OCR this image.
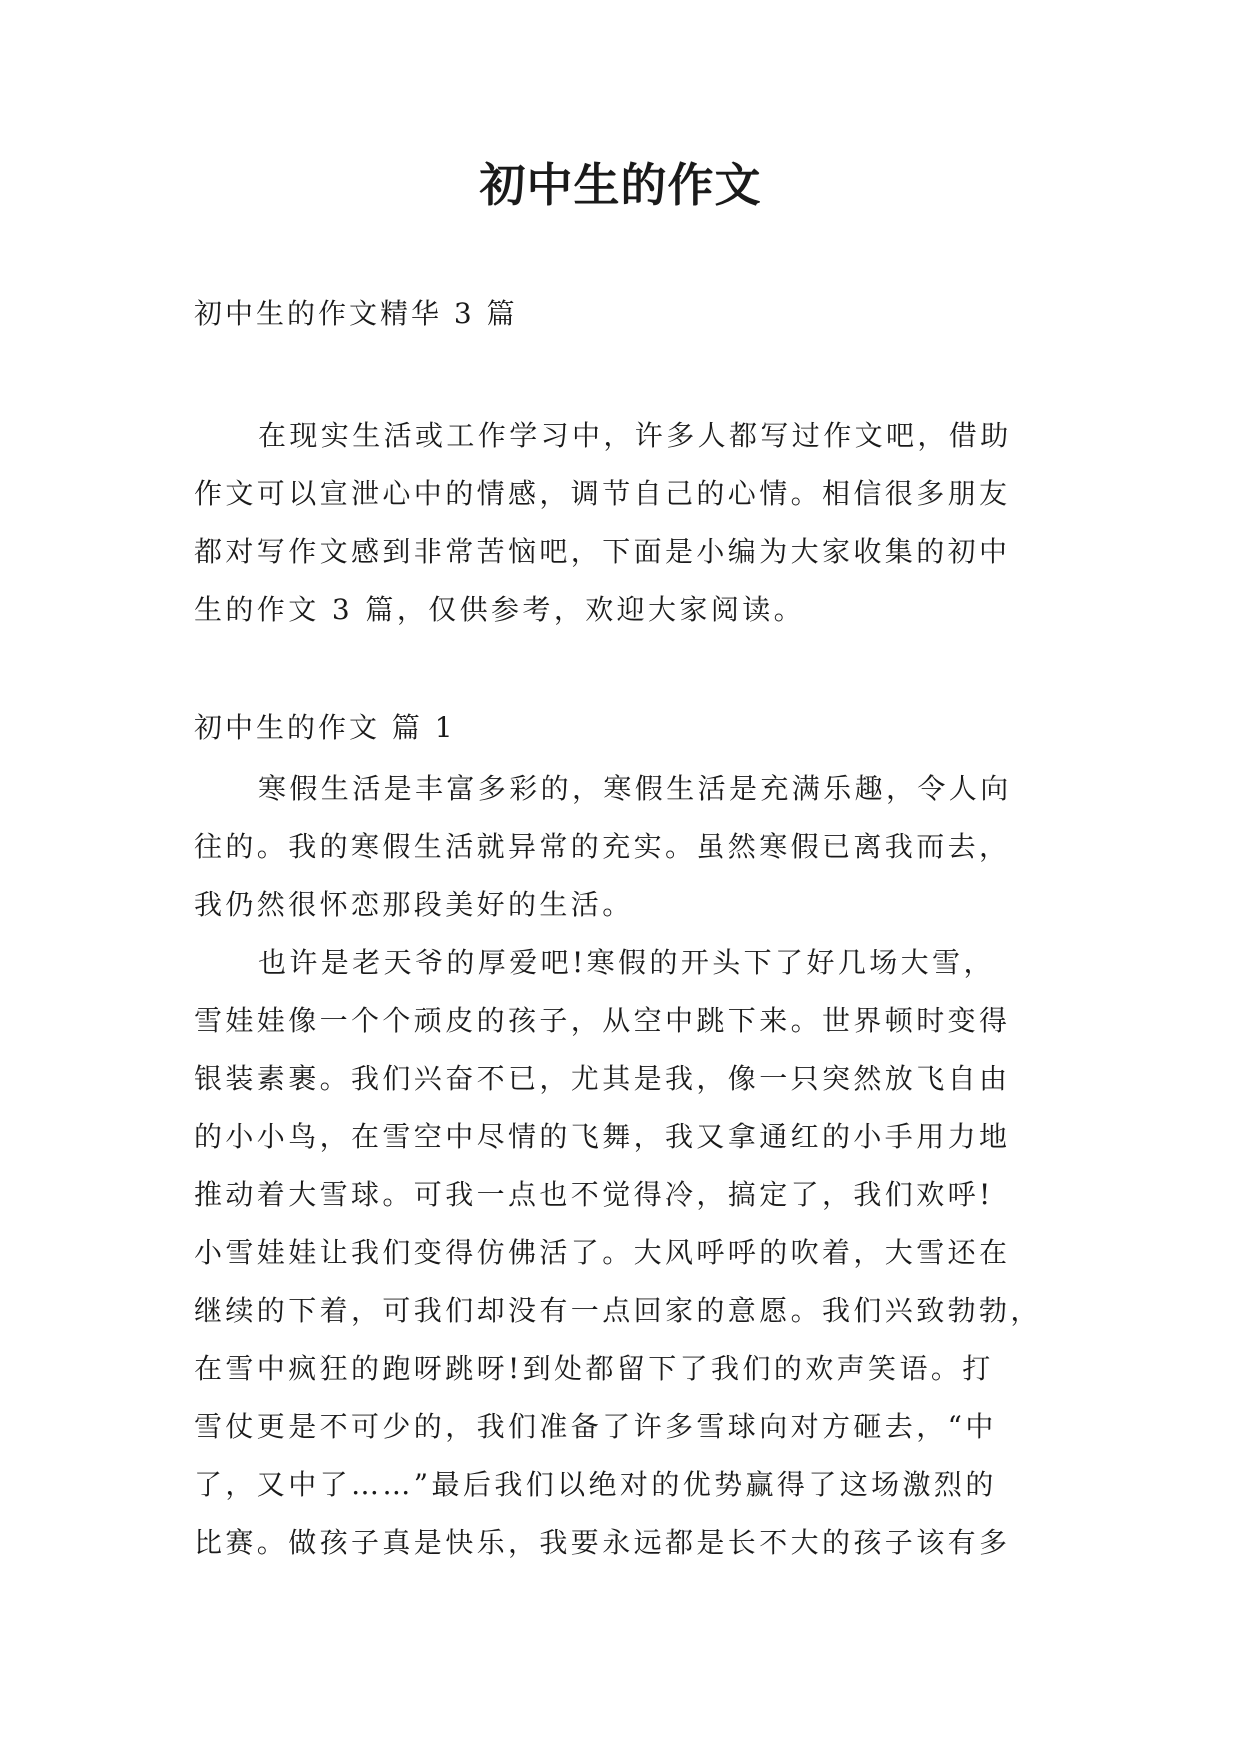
初中生的作文

初中生的作文精华 3 篇

在现实生活或工作学习中，许多人都写过作文吧，借助
作文可以宣泄心中的情感，调节自己的心情。相信很多朋友
都对写作文感到非常苦恼吧，下面是小编为大家收集的初中
生的作文 3 篇，仅供参考，欢迎大家阅读。

初中生的作文 篇 1

寒假生活是丰富多彩的，寒假生活是充满乐趣，令人向
往的。我的寒假生活就异常的充实。虽然寒假已离我而去，
我仍然很怀恋那段美好的生活。
也许是老天爷的厚爱吧!寒假的开头下了好几场大雪，
雪娃娃像一个个顽皮的孩子，从空中跳下来。世界顿时变得
银装素裹。我们兴奋不已，尤其是我，像一只突然放飞自由
的小小鸟，在雪空中尽情的飞舞，我又拿通红的小手用力地
推动着大雪球。可我一点也不觉得冷，搞定了，我们欢呼!
小雪娃娃让我们变得仿佛活了。大风呼呼的吹着，大雪还在
继续的下着，可我们却没有一点回家的意愿。我们兴致勃勃，
在雪中疯狂的跑呀跳呀!到处都留下了我们的欢声笑语。打
雪仗更是不可少的，我们准备了许多雪球向对方砸去，“中
了，又中了……”最后我们以绝对的优势赢得了这场激烈的
比赛。做孩子真是快乐，我要永远都是长不大的孩子该有多
